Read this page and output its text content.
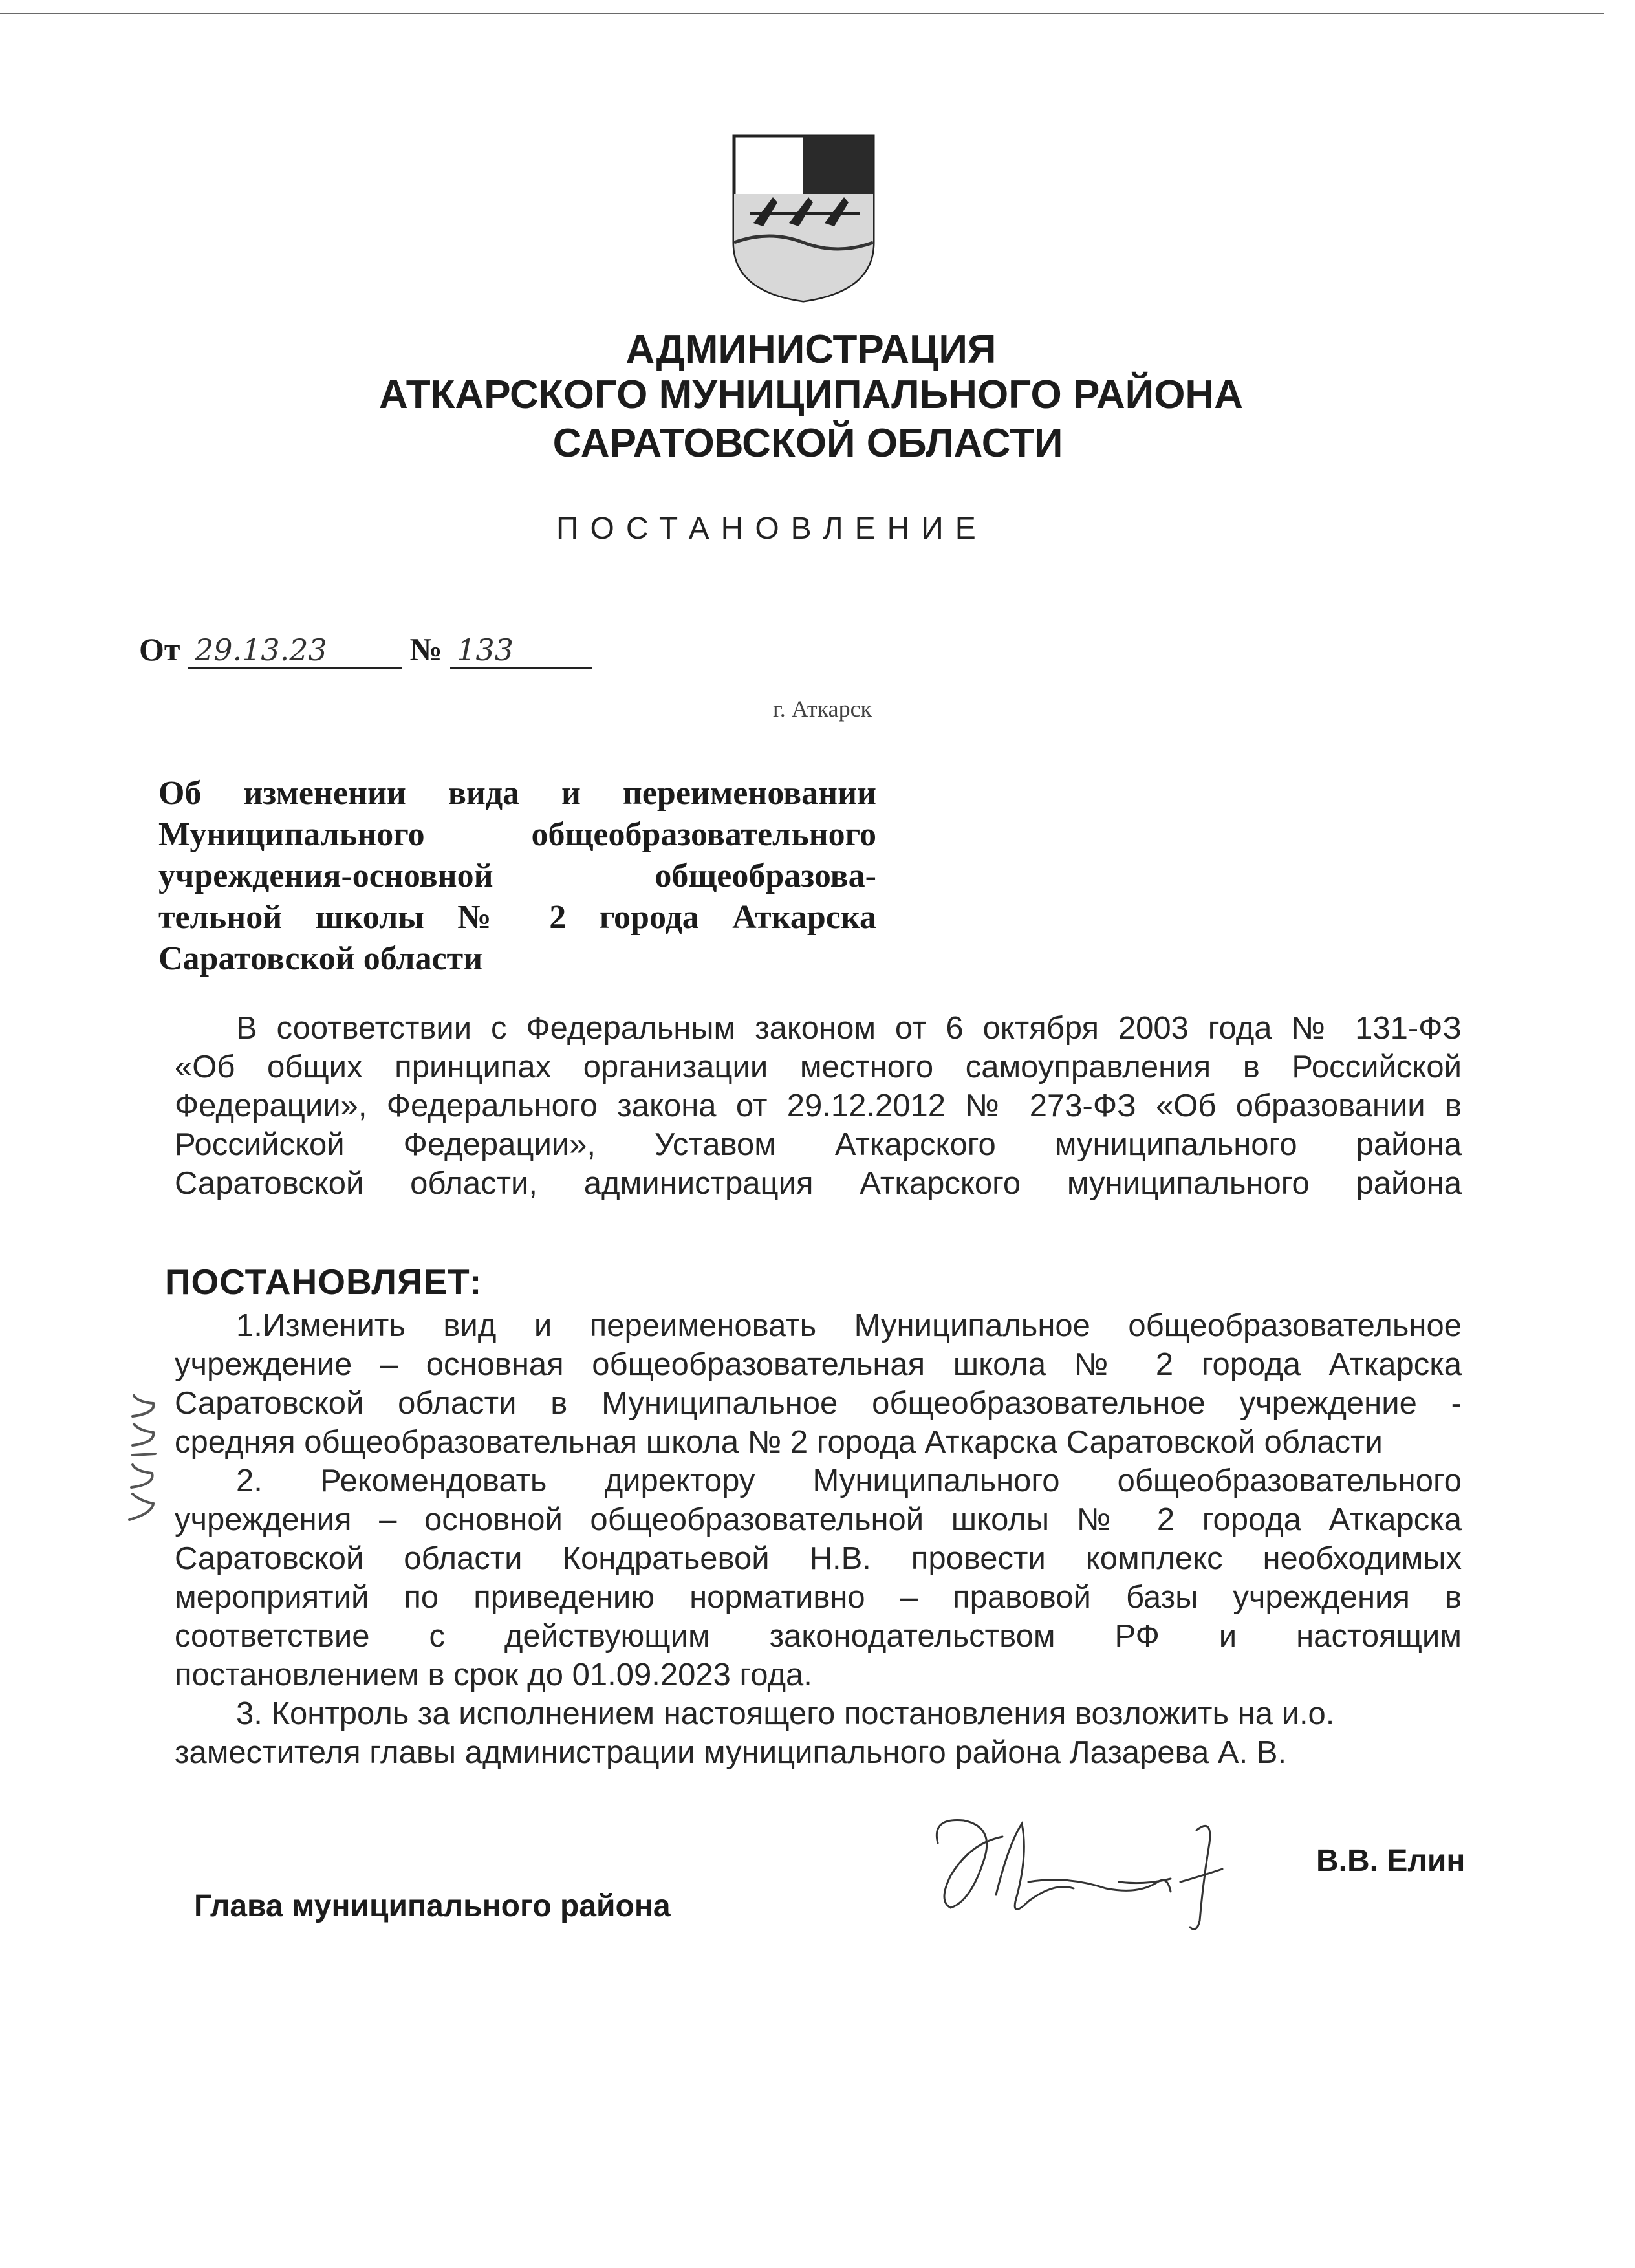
АДМИНИСТРАЦИЯ
АТКАРСКОГО МУНИЦИПАЛЬНОГО РАЙОНА
САРАТОВСКОЙ ОБЛАСТИ
ПОСТАНОВЛЕНИЕ
От 29.13.23	№ 133
г. Аткарск
Об изменении вида и переименовании
Муниципального общеобразовательного
учреждения-основной общеобразова-
тельной школы № 2 города Аткарска
Саратовской области
В соответствии с Федеральным законом от 6 октября 2003 года № 131-ФЗ
«Об общих принципах организации местного самоуправления в Российской
Федерации», Федерального закона от 29.12.2012 № 273-ФЗ «Об образовании в
Российской Федерации», Уставом Аткарского муниципального района
Саратовской области, администрация Аткарского муниципального района
ПОСТАНОВЛЯЕТ:
1.Изменить вид и переименовать Муниципальное общеобразовательное
учреждение – основная общеобразовательная школа № 2 города Аткарска
Саратовской области в Муниципальное общеобразовательное учреждение -
средняя общеобразовательная школа № 2 города Аткарска Саратовской области
2. Рекомендовать директору Муниципального общеобразовательного
учреждения – основной общеобразовательной школы № 2 города Аткарска
Саратовской области Кондратьевой Н.В. провести комплекс необходимых
мероприятий по приведению нормативно – правовой базы учреждения в
соответствие с действующим законодательством РФ и настоящим
постановлением в срок до 01.09.2023 года.
3. Контроль за исполнением настоящего постановления возложить на и.о.
заместителя главы администрации муниципального района Лазарева А. В.
В.В. Елин
Глава муниципального района
